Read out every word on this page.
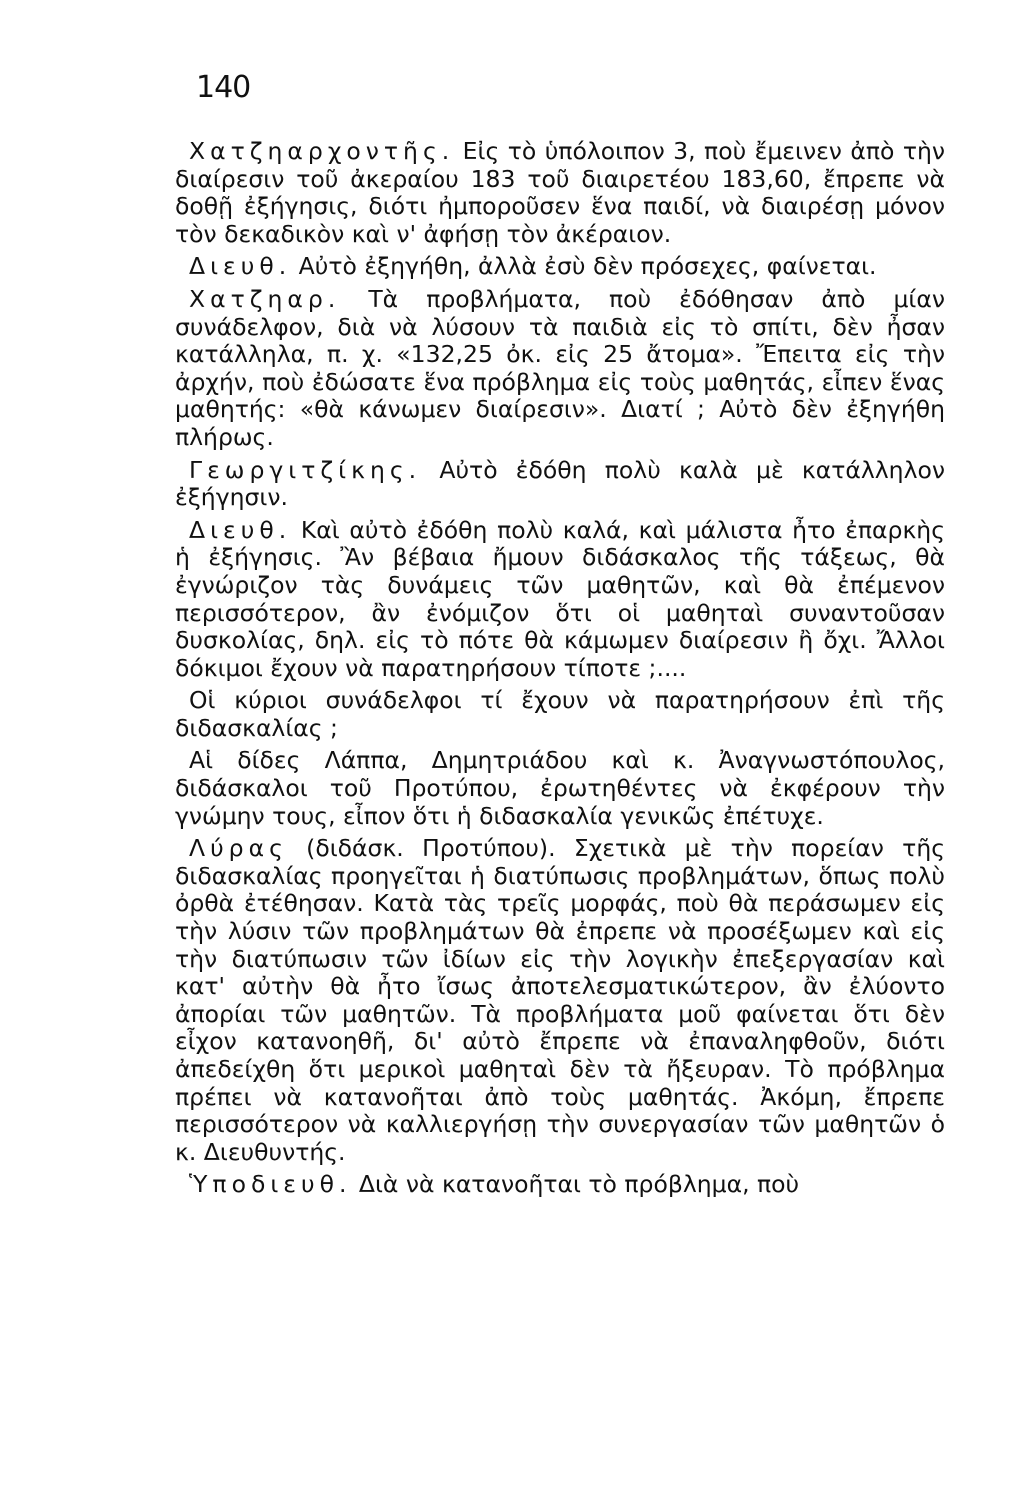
140

Χατζηαρχοντῆς. Εἰς τὸ ὑπόλοιπον 3, ποὺ ἔμεινεν ἀπὸ τὴν διαίρεσιν τοῦ ἀκεραίου 183 τοῦ διαιρετέου 183,60, ἔπρεπε νὰ δοθῇ ἐξήγησις, διότι ἠμποροῦσεν ἕνα παιδί, νὰ διαιρέσῃ μόνον τὸν δεκαδικὸν καὶ ν' ἀφήσῃ τὸν ἀκέραιον.

Διευθ. Αὐτὸ ἐξηγήθη, ἀλλὰ ἐσὺ δὲν πρόσεχες, φαίνεται.

Χατζηαρ. Τὰ προβλήματα, ποὺ ἐδόθησαν ἀπὸ μίαν συνάδελφον, διὰ νὰ λύσουν τὰ παιδιὰ εἰς τὸ σπίτι, δὲν ἦσαν κατάλληλα, π. χ. «132,25 ὀκ. εἰς 25 ἄτομα». Ἔπειτα εἰς τὴν ἀρχήν, ποὺ ἐδώσατε ἕνα πρόβλημα εἰς τοὺς μαθητάς, εἶπεν ἕνας μαθητής: «θὰ κάνωμεν διαίρεσιν». Διατί ; Αὐτὸ δὲν ἐξηγήθη πλήρως.

Γεωργιτζίκης. Αὐτὸ ἐδόθη πολὺ καλὰ μὲ κατάλληλον ἐξήγησιν.

Διευθ. Καὶ αὐτὸ ἐδόθη πολὺ καλά, καὶ μάλιστα ἦτο ἐπαρκὴς ἡ ἐξήγησις. Ἂν βέβαια ἤμουν διδάσκαλος τῆς τάξεως, θὰ ἐγνώριζον τὰς δυνάμεις τῶν μαθητῶν, καὶ θὰ ἐπέμενον περισσότερον, ἂν ἐνόμιζον ὅτι οἱ μαθηταὶ συναντοῦσαν δυσκολίας, δηλ. εἰς τὸ πότε θὰ κάμωμεν διαίρεσιν ἢ ὄχι. Ἄλλοι δόκιμοι ἔχουν νὰ παρατηρήσουν τίποτε ;....

Οἱ κύριοι συνάδελφοι τί ἔχουν νὰ παρατηρήσουν ἐπὶ τῆς διδασκαλίας ;

Αἱ δίδες Λάππα, Δημητριάδου καὶ κ. Ἀναγνωστόπουλος, διδάσκαλοι τοῦ Προτύπου, ἐρωτηθέντες νὰ ἐκφέρουν τὴν γνώμην τους, εἶπον ὅτι ἡ διδασκαλία γενικῶς ἐπέτυχε.

Λύρας (διδάσκ. Προτύπου). Σχετικὰ μὲ τὴν πορείαν τῆς διδασκαλίας προηγεῖται ἡ διατύπωσις προβλημάτων, ὅπως πολὺ ὀρθὰ ἐτέθησαν. Κατὰ τὰς τρεῖς μορφάς, ποὺ θὰ περάσωμεν εἰς τὴν λύσιν τῶν προβλημάτων θὰ ἐπρεπε νὰ προσέξωμεν καὶ εἰς τὴν διατύπωσιν τῶν ἰδίων εἰς τὴν λογικὴν ἐπεξεργασίαν καὶ κατ' αὐτὴν θὰ ἦτο ἴσως ἀποτελεσματικώτερον, ἂν ἐλύοντο ἀπορίαι τῶν μαθητῶν. Τὰ προβλήματα μοῦ φαίνεται ὅτι δὲν εἶχον κατανοηθῆ, δι' αὐτὸ ἔπρεπε νὰ ἐπαναληφθοῦν, διότι ἀπεδείχθη ὅτι μερικοὶ μαθηταὶ δὲν τὰ ἤξευραν. Τὸ πρόβλημα πρέπει νὰ κατανοῆται ἀπὸ τοὺς μαθητάς. Ἀκόμη, ἔπρεπε περισσότερον νὰ καλλιεργήσῃ τὴν συνεργασίαν τῶν μαθητῶν ὁ κ. Διευθυντής.

Ὑποδιευθ. Διὰ νὰ κατανοῆται τὸ πρόβλημα, ποὺ
